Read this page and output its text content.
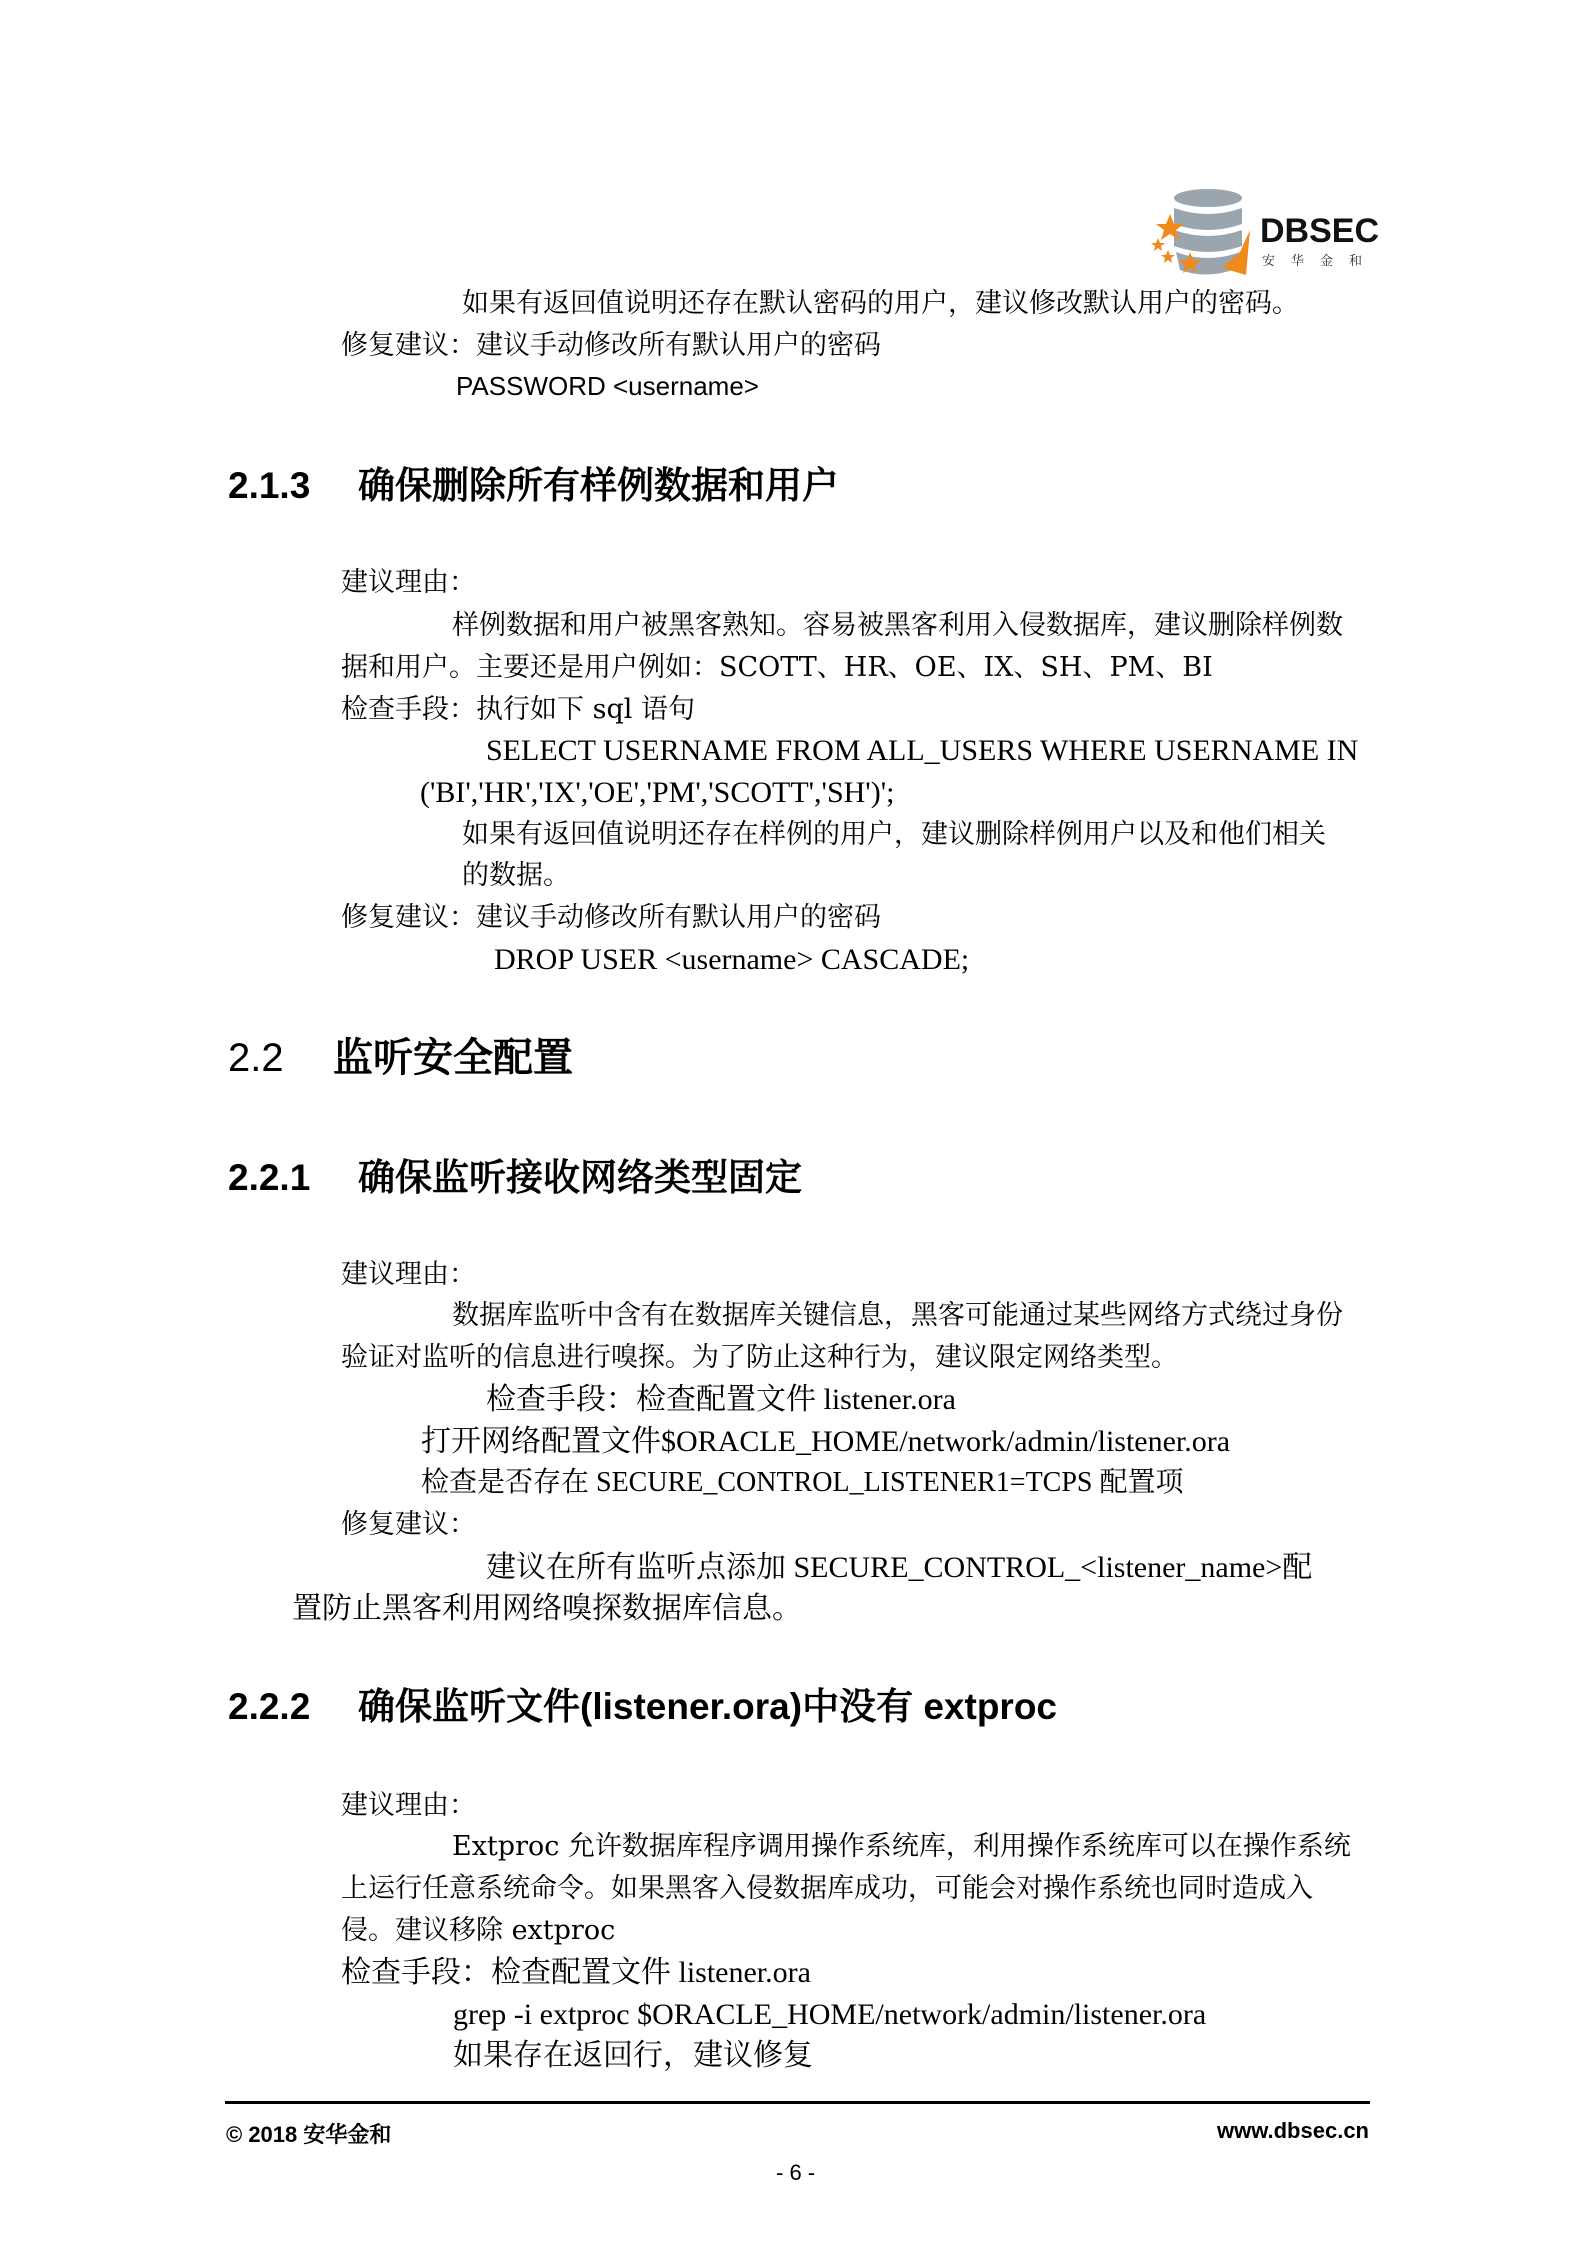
DBSEC
安华金和
如果有返回值说明还存在默认密码的用户，建议修改默认用户的密码。
修复建议：建议手动修改所有默认用户的密码
PASSWORD <username>
2.1.3 确保删除所有样例数据和用户
建议理由：
样例数据和用户被黑客熟知。容易被黑客利用入侵数据库，建议删除样例数
据和用户。主要还是用户例如：SCOTT、HR、OE、IX、SH、PM、BI
检查手段：执行如下 sql 语句
SELECT USERNAME FROM ALL_USERS WHERE USERNAME IN
('BI','HR','IX','OE','PM','SCOTT','SH')';
如果有返回值说明还存在样例的用户，建议删除样例用户以及和他们相关
的数据。
修复建议：建议手动修改所有默认用户的密码
DROP USER <username> CASCADE;
2.2 监听安全配置
2.2.1 确保监听接收网络类型固定
建议理由：
数据库监听中含有在数据库关键信息，黑客可能通过某些网络方式绕过身份
验证对监听的信息进行嗅探。为了防止这种行为，建议限定网络类型。
检查手段：检查配置文件 listener.ora
打开网络配置文件$ORACLE_HOME/network/admin/listener.ora
检查是否存在 SECURE_CONTROL_LISTENER1=TCPS 配置项
修复建议：
建议在所有监听点添加 SECURE_CONTROL_<listener_name>配
置防止黑客利用网络嗅探数据库信息。
2.2.2 确保监听文件(listener.ora)中没有 extproc
建议理由：
Extproc 允许数据库程序调用操作系统库，利用操作系统库可以在操作系统
上运行任意系统命令。如果黑客入侵数据库成功，可能会对操作系统也同时造成入
侵。建议移除 extproc
检查手段：检查配置文件 listener.ora
grep -i extproc $ORACLE_HOME/network/admin/listener.ora
如果存在返回行，建议修复
© 2018 安华金和	www.dbsec.cn
- 6 -
